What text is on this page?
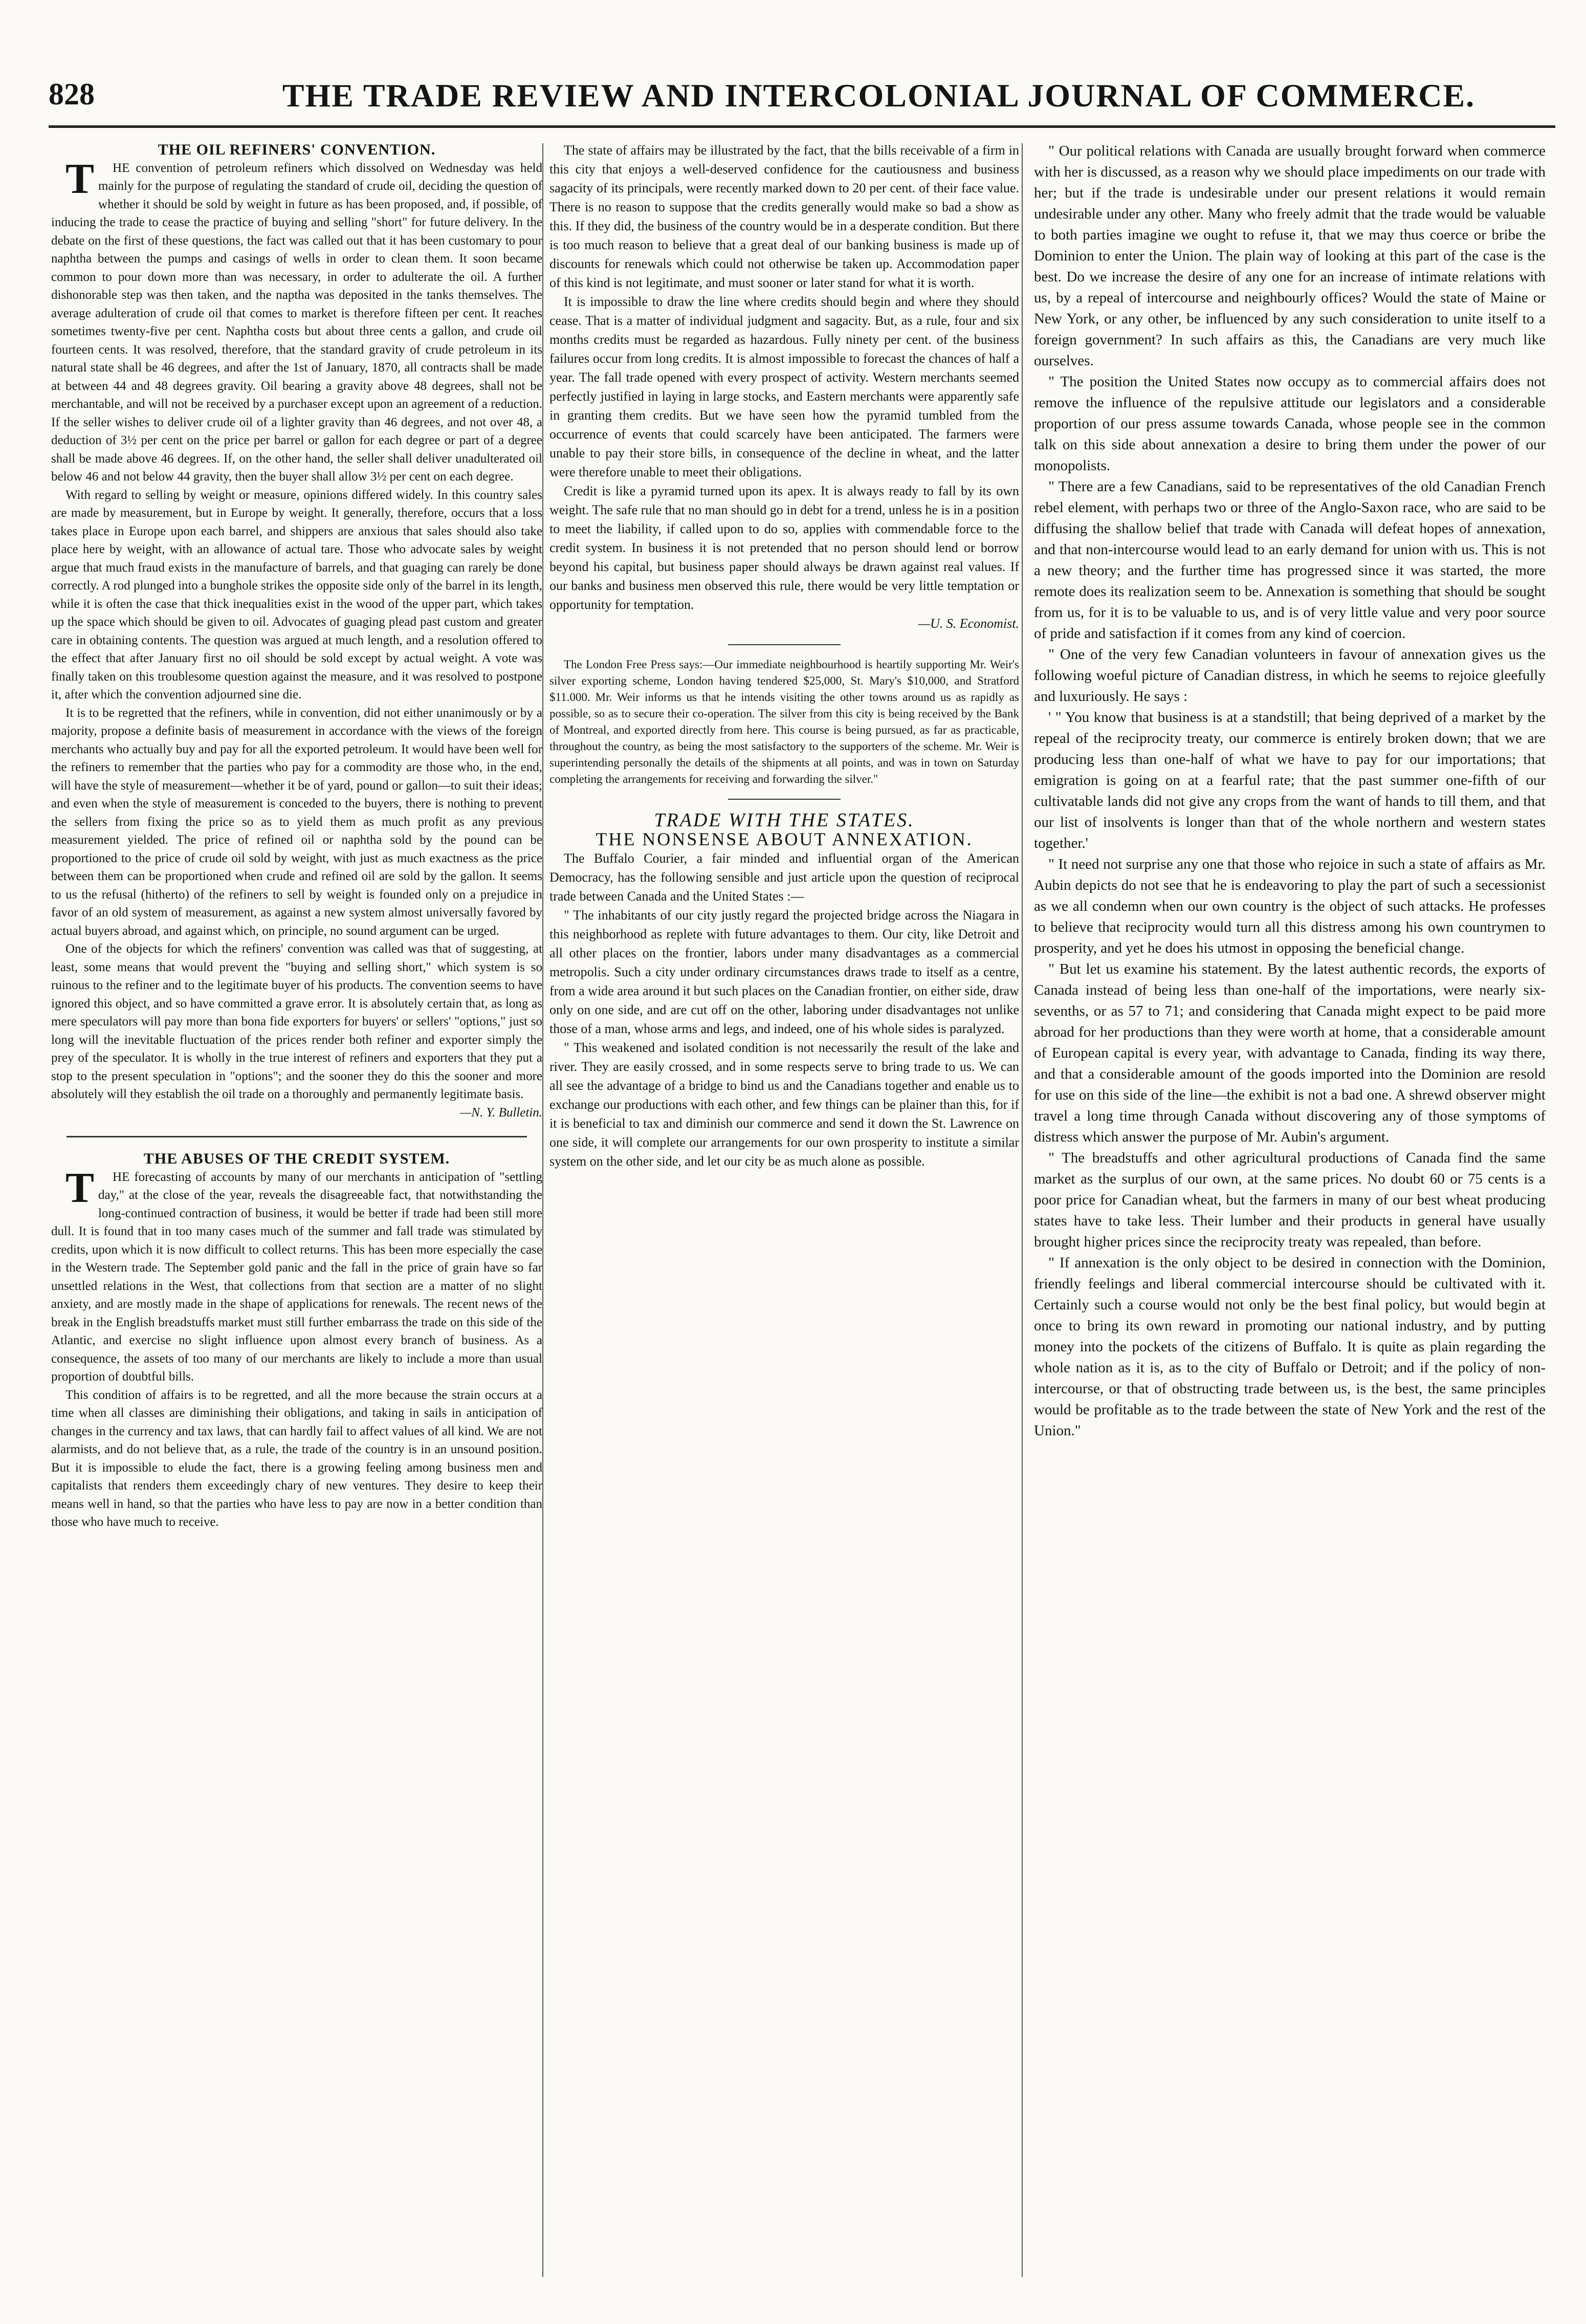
828	THE TRADE REVIEW AND INTERCOLONIAL JOURNAL OF COMMERCE.

THE OIL REFINERS' CONVENTION.

THE convention of petroleum refiners which dissolved on Wednesday was held mainly for the purpose of regulating the standard of crude oil, deciding the question of whether it should be sold by weight in future as has been proposed, and, if possible, of inducing the trade to cease the practice of buying and selling "short" for future delivery. In the debate on the first of these questions, the fact was called out that it has been customary to pour naphtha between the pumps and casings of wells in order to clean them. It soon became common to pour down more than was necessary, in order to adulterate the oil. A further dishonorable step was then taken, and the naptha was deposited in the tanks themselves. The average adulteration of crude oil that comes to market is therefore fifteen per cent. It reaches sometimes twenty-five per cent. Naphtha costs but about three cents a gallon, and crude oil fourteen cents. It was resolved, therefore, that the standard gravity of crude petroleum in its natural state shall be 46 degrees, and after the 1st of January, 1870, all contracts shall be made at between 44 and 48 degrees gravity. Oil bearing a gravity above 48 degrees, shall not be merchantable, and will not be received by a purchaser except upon an agreement of a reduction. If the seller wishes to deliver crude oil of a lighter gravity than 46 degrees, and not over 48, a deduction of 3½ per cent on the price per barrel or gallon for each degree or part of a degree shall be made above 46 degrees. If, on the other hand, the seller shall deliver unadulterated oil below 46 and not below 44 gravity, then the buyer shall allow 3½ per cent on each degree.

With regard to selling by weight or measure, opinions differed widely. In this country sales are made by measurement, but in Europe by weight. It generally, therefore, occurs that a loss takes place in Europe upon each barrel, and shippers are anxious that sales should also take place here by weight, with an allowance of actual tare. Those who advocate sales by weight argue that much fraud exists in the manufacture of barrels, and that guaging can rarely be done correctly. A rod plunged into a bunghole strikes the opposite side only of the barrel in its length, while it is often the case that thick inequalities exist in the wood of the upper part, which takes up the space which should be given to oil. Advocates of guaging plead past custom and greater care in obtaining contents. The question was argued at much length, and a resolution offered to the effect that after January first no oil should be sold except by actual weight. A vote was finally taken on this troublesome question against the measure, and it was resolved to postpone it, after which the convention adjourned sine die.

It is to be regretted that the refiners, while in convention, did not either unanimously or by a majority, propose a definite basis of measurement in accordance with the views of the foreign merchants who actually buy and pay for all the exported petroleum. It would have been well for the refiners to remember that the parties who pay for a commodity are those who, in the end, will have the style of measurement—whether it be of yard, pound or gallon—to suit their ideas; and even when the style of measurement is conceded to the buyers, there is nothing to prevent the sellers from fixing the price so as to yield them as much profit as any previous measurement yielded. The price of refined oil or naphtha sold by the pound can be proportioned to the price of crude oil sold by weight, with just as much exactness as the price between them can be proportioned when crude and refined oil are sold by the gallon. It seems to us the refusal (hitherto) of the refiners to sell by weight is founded only on a prejudice in favor of an old system of measurement, as against a new system almost universally favored by actual buyers abroad, and against which, on principle, no sound argument can be urged.

One of the objects for which the refiners' convention was called was that of suggesting, at least, some means that would prevent the "buying and selling short," which system is so ruinous to the refiner and to the legitimate buyer of his products. The convention seems to have ignored this object, and so have committed a grave error. It is absolutely certain that, as long as mere speculators will pay more than bona fide exporters for buyers' or sellers' "options," just so long will the inevitable fluctuation of the prices render both refiner and exporter simply the prey of the speculator. It is wholly in the true interest of refiners and exporters that they put a stop to the present speculation in "options"; and the sooner they do this the sooner and more absolutely will they establish the oil trade on a thoroughly and permanently legitimate basis.

—N. Y. Bulletin.

THE ABUSES OF THE CREDIT SYSTEM.

THE forecasting of accounts by many of our merchants in anticipation of "settling day," at the close of the year, reveals the disagreeable fact, that notwithstanding the long-continued contraction of business, it would be better if trade had been still more dull. It is found that in too many cases much of the summer and fall trade was stimulated by credits, upon which it is now difficult to collect returns. This has been more especially the case in the Western trade. The September gold panic and the fall in the price of grain have so far unsettled relations in the West, that collections from that section are a matter of no slight anxiety, and are mostly made in the shape of applications for renewals. The recent news of the break in the English breadstuffs market must still further embarrass the trade on this side of the Atlantic, and exercise no slight influence upon almost every branch of business. As a consequence, the assets of too many of our merchants are likely to include a more than usual proportion of doubtful bills.

This condition of affairs is to be regretted, and all the more because the strain occurs at a time when all classes are diminishing their obligations, and taking in sails in anticipation of changes in the currency and tax laws, that can hardly fail to affect values of all kind. We are not alarmists, and do not believe that, as a rule, the trade of the country is in an unsound position. But it is impossible to elude the fact, there is a growing feeling among business men and capitalists that renders them exceedingly chary of new ventures. They desire to keep their means well in hand, so that the parties who have less to pay are now in a better condition than those who have much to receive.

The state of affairs may be illustrated by the fact, that the bills receivable of a firm in this city that enjoys a well-deserved confidence for the cautiousness and business sagacity of its principals, were recently marked down to 20 per cent. of their face value. There is no reason to suppose that the credits generally would make so bad a show as this. If they did, the business of the country would be in a desperate condition. But there is too much reason to believe that a great deal of our banking business is made up of discounts for renewals which could not otherwise be taken up. Accommodation paper of this kind is not legitimate, and must sooner or later stand for what it is worth.

It is impossible to draw the line where credits should begin and where they should cease. That is a matter of individual judgment and sagacity. But, as a rule, four and six months credits must be regarded as hazardous. Fully ninety per cent. of the business failures occur from long credits. It is almost impossible to forecast the chances of half a year. The fall trade opened with every prospect of activity. Western merchants seemed perfectly justified in laying in large stocks, and Eastern merchants were apparently safe in granting them credits. But we have seen how the pyramid tumbled from the occurrence of events that could scarcely have been anticipated. The farmers were unable to pay their store bills, in consequence of the decline in wheat, and the latter were therefore unable to meet their obligations.

Credit is like a pyramid turned upon its apex. It is always ready to fall by its own weight. The safe rule that no man should go in debt for a trend, unless he is in a position to meet the liability, if called upon to do so, applies with commendable force to the credit system. In business it is not pretended that no person should lend or borrow beyond his capital, but business paper should always be drawn against real values. If our banks and business men observed this rule, there would be very little temptation or opportunity for temptation.

—U. S. Economist.

The London Free Press says:—Our immediate neighbourhood is heartily supporting Mr. Weir's silver exporting scheme, London having tendered $25,000, St. Mary's $10,000, and Stratford $11.000. Mr. Weir informs us that he intends visiting the other towns around us as rapidly as possible, so as to secure their co-operation. The silver from this city is being received by the Bank of Montreal, and exported directly from here. This course is being pursued, as far as practicable, throughout the country, as being the most satisfactory to the supporters of the scheme. Mr. Weir is superintending personally the details of the shipments at all points, and was in town on Saturday completing the arrangements for receiving and forwarding the silver."

TRADE WITH THE STATES.

THE NONSENSE ABOUT ANNEXATION.

The Buffalo Courier, a fair minded and influential organ of the American Democracy, has the following sensible and just article upon the question of reciprocal trade between Canada and the United States :—

" The inhabitants of our city justly regard the projected bridge across the Niagara in this neighborhood as replete with future advantages to them. Our city, like Detroit and all other places on the frontier, labors under many disadvantages as a commercial metropolis. Such a city under ordinary circumstances draws trade to itself as a centre, from a wide area around it but such places on the Canadian frontier, on either side, draw only on one side, and are cut off on the other, laboring under disadvantages not unlike those of a man, whose arms and legs, and indeed, one of his whole sides is paralyzed.

" This weakened and isolated condition is not necessarily the result of the lake and river. They are easily crossed, and in some respects serve to bring trade to us. We can all see the advantage of a bridge to bind us and the Canadians together and enable us to exchange our productions with each other, and few things can be plainer than this, for if it is beneficial to tax and diminish our commerce and send it down the St. Lawrence on one side, it will complete our arrangements for our own prosperity to institute a similar system on the other side, and let our city be as much alone as possible.

" Our political relations with Canada are usually brought forward when commerce with her is discussed, as a reason why we should place impediments on our trade with her; but if the trade is undesirable under our present relations it would remain undesirable under any other. Many who freely admit that the trade would be valuable to both parties imagine we ought to refuse it, that we may thus coerce or bribe the Dominion to enter the Union. The plain way of looking at this part of the case is the best. Do we increase the desire of any one for an increase of intimate relations with us, by a repeal of intercourse and neighbourly offices? Would the state of Maine or New York, or any other, be influenced by any such consideration to unite itself to a foreign government? In such affairs as this, the Canadians are very much like ourselves.

" The position the United States now occupy as to commercial affairs does not remove the influence of the repulsive attitude our legislators and a considerable proportion of our press assume towards Canada, whose people see in the common talk on this side about annexation a desire to bring them under the power of our monopolists.

" There are a few Canadians, said to be representatives of the old Canadian French rebel element, with perhaps two or three of the Anglo-Saxon race, who are said to be diffusing the shallow belief that trade with Canada will defeat hopes of annexation, and that non-intercourse would lead to an early demand for union with us. This is not a new theory; and the further time has progressed since it was started, the more remote does its realization seem to be. Annexation is something that should be sought from us, for it is to be valuable to us, and is of very little value and very poor source of pride and satisfaction if it comes from any kind of coercion.

" One of the very few Canadian volunteers in favour of annexation gives us the following woeful picture of Canadian distress, in which he seems to rejoice gleefully and luxuriously. He says :

' " You know that business is at a standstill; that being deprived of a market by the repeal of the reciprocity treaty, our commerce is entirely broken down; that we are producing less than one-half of what we have to pay for our importations; that emigration is going on at a fearful rate; that the past summer one-fifth of our cultivatable lands did not give any crops from the want of hands to till them, and that our list of insolvents is longer than that of the whole northern and western states together.'

" It need not surprise any one that those who rejoice in such a state of affairs as Mr. Aubin depicts do not see that he is endeavoring to play the part of such a secessionist as we all condemn when our own country is the object of such attacks. He professes to believe that reciprocity would turn all this distress among his own countrymen to prosperity, and yet he does his utmost in opposing the beneficial change.

" But let us examine his statement. By the latest authentic records, the exports of Canada instead of being less than one-half of the importations, were nearly six-sevenths, or as 57 to 71; and considering that Canada might expect to be paid more abroad for her productions than they were worth at home, that a considerable amount of European capital is every year, with advantage to Canada, finding its way there, and that a considerable amount of the goods imported into the Dominion are resold for use on this side of the line—the exhibit is not a bad one. A shrewd observer might travel a long time through Canada without discovering any of those symptoms of distress which answer the purpose of Mr. Aubin's argument.

" The breadstuffs and other agricultural productions of Canada find the same market as the surplus of our own, at the same prices. No doubt 60 or 75 cents is a poor price for Canadian wheat, but the farmers in many of our best wheat producing states have to take less. Their lumber and their products in general have usually brought higher prices since the reciprocity treaty was repealed, than before.

" If annexation is the only object to be desired in connection with the Dominion, friendly feelings and liberal commercial intercourse should be cultivated with it. Certainly such a course would not only be the best final policy, but would begin at once to bring its own reward in promoting our national industry, and by putting money into the pockets of the citizens of Buffalo. It is quite as plain regarding the whole nation as it is, as to the city of Buffalo or Detroit; and if the policy of non-intercourse, or that of obstructing trade between us, is the best, the same principles would be profitable as to the trade between the state of New York and the rest of the Union."
